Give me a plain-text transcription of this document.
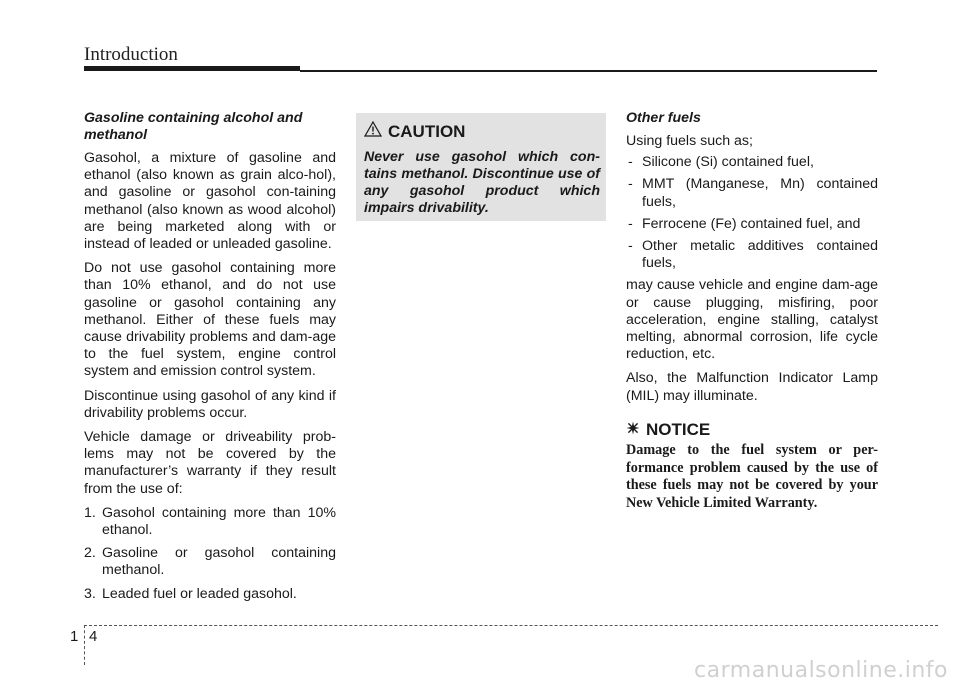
Introduction
Gasoline containing alcohol and methanol

Gasohol, a mixture of gasoline and ethanol (also known as grain alco-hol), and gasoline or gasohol con-taining methanol (also known as wood alcohol) are being marketed along with or instead of leaded or unleaded gasoline.

Do not use gasohol containing more than 10% ethanol, and do not use gasoline or gasohol containing any methanol. Either of these fuels may cause drivability problems and dam-age to the fuel system, engine control system and emission control system.

Discontinue using gasohol of any kind if drivability problems occur.

Vehicle damage or driveability prob-lems may not be covered by the manufacturer’s warranty if they result from the use of:

1. Gasohol containing more than 10% ethanol.
2. Gasoline or gasohol containing methanol.
3. Leaded fuel or leaded gasohol.
CAUTION
Never use gasohol which con-tains methanol. Discontinue use of any gasohol product which impairs drivability.
Other fuels

Using fuels such as;

- Silicone (Si) contained fuel,
- MMT (Manganese, Mn) contained fuels,
- Ferrocene (Fe) contained fuel, and
- Other metalic additives contained fuels,

may cause vehicle and engine dam-age or cause plugging, misfiring, poor acceleration, engine stalling, catalyst melting, abnormal corrosion, life cycle reduction, etc.

Also, the Malfunction Indicator Lamp (MIL) may illuminate.

NOTICE
Damage to the fuel system or per-formance problem caused by the use of these fuels may not be covered by your New Vehicle Limited Warranty.
1 4
carmanualsonline.info
